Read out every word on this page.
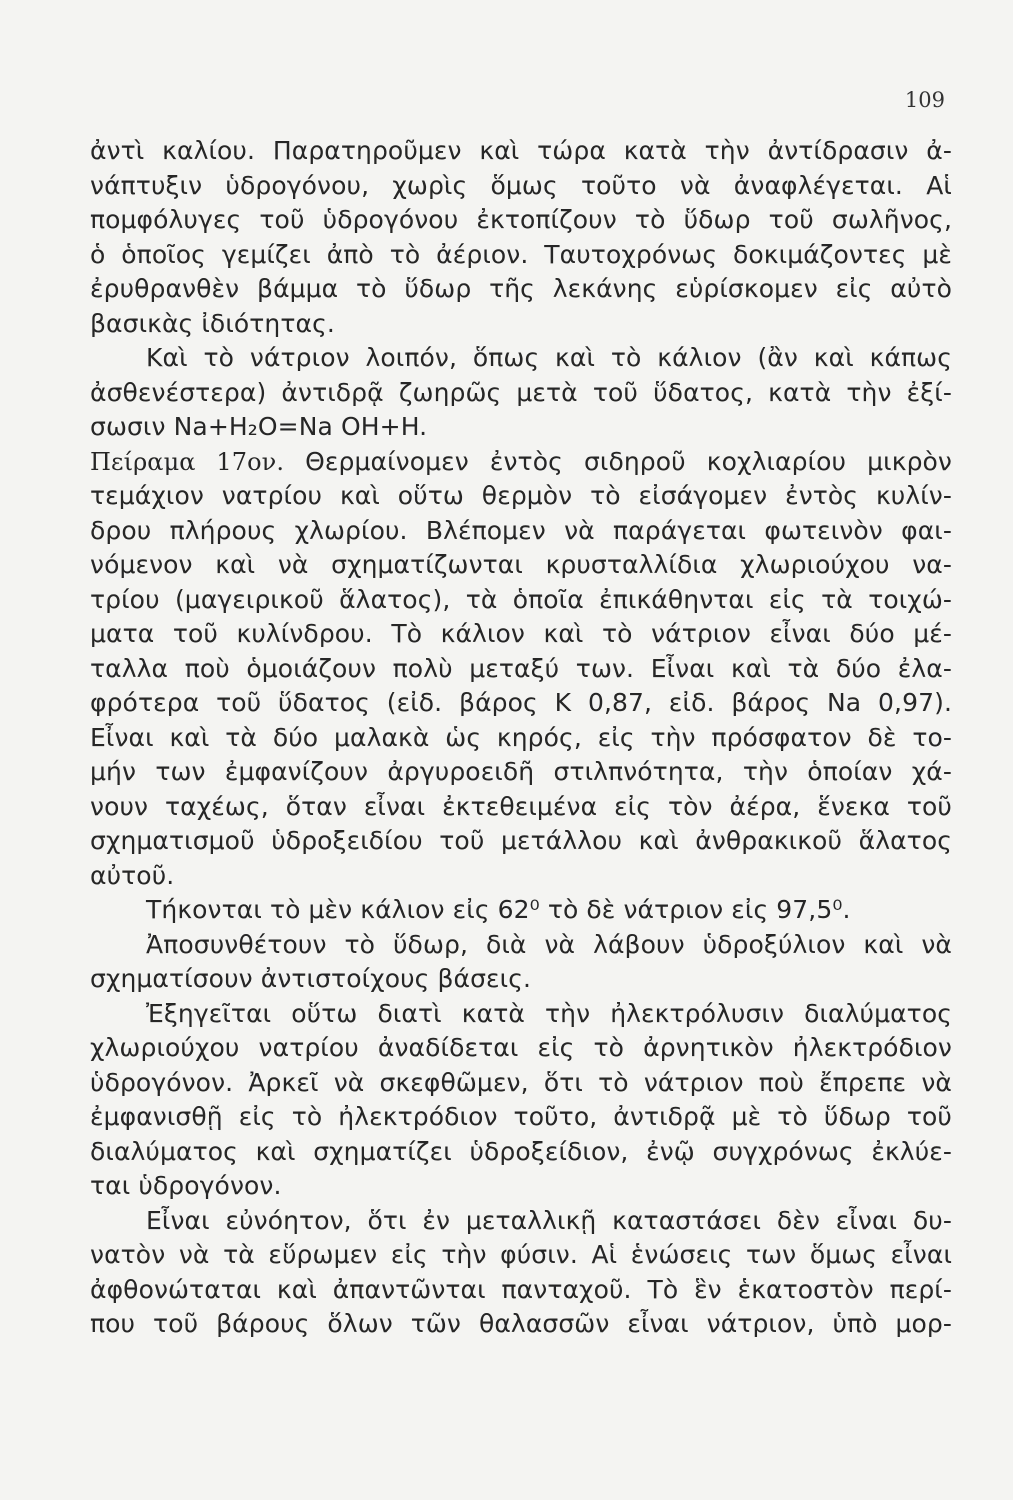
109
ἀντὶ καλίου. Παρατηροῦμεν καὶ τώρα κατὰ τὴν ἀντίδρασιν ἀ-
νάπτυξιν ὑδρογόνου, χωρὶς ὅμως τοῦτο νὰ ἀναφλέγεται. Αἱ
πομφόλυγες τοῦ ὑδρογόνου ἐκτοπίζουν τὸ ὕδωρ τοῦ σωλῆνος,
ὁ ὁποῖος γεμίζει ἀπὸ τὸ ἀέριον. Ταυτοχρόνως δοκιμάζοντες μὲ
ἐρυθρανθὲν βάμμα τὸ ὕδωρ τῆς λεκάνης εὑρίσκομεν εἰς αὐτὸ
βασικὰς ἰδιότητας.
Καὶ τὸ νάτριον λοιπόν, ὅπως καὶ τὸ κάλιον (ἂν καὶ κάπως
ἀσθενέστερα) ἀντιδρᾷ ζωηρῶς μετὰ τοῦ ὕδατος, κατὰ τὴν ἐξί-
σωσιν Na+H₂O=Na OH+H.
Πείραμα 17ον. Θερμαίνομεν ἐντὸς σιδηροῦ κοχλιαρίου μικρὸν
τεμάχιον νατρίου καὶ οὕτω θερμὸν τὸ εἰσάγομεν ἐντὸς κυλίν-
δρου πλήρους χλωρίου. Βλέπομεν νὰ παράγεται φωτεινὸν φαι-
νόμενον καὶ νὰ σχηματίζωνται κρυσταλλίδια χλωριούχου να-
τρίου (μαγειρικοῦ ἅλατος), τὰ ὁποῖα ἐπικάθηνται εἰς τὰ τοιχώ-
ματα τοῦ κυλίνδρου. Τὸ κάλιον καὶ τὸ νάτριον εἶναι δύο μέ-
ταλλα ποὺ ὁμοιάζουν πολὺ μεταξύ των. Εἶναι καὶ τὰ δύο ἐλα-
φρότερα τοῦ ὕδατος (εἰδ. βάρος K 0,87, εἰδ. βάρος Na 0,97).
Εἶναι καὶ τὰ δύο μαλακὰ ὡς κηρός, εἰς τὴν πρόσφατον δὲ το-
μήν των ἐμφανίζουν ἀργυροειδῆ στιλπνότητα, τὴν ὁποίαν χά-
νουν ταχέως, ὅταν εἶναι ἐκτεθειμένα εἰς τὸν ἀέρα, ἕνεκα τοῦ
σχηματισμοῦ ὑδροξειδίου τοῦ μετάλλου καὶ ἀνθρακικοῦ ἅλατος
αὐτοῦ.
Τήκονται τὸ μὲν κάλιον εἰς 62⁰ τὸ δὲ νάτριον εἰς 97,5⁰.
Ἀποσυνθέτουν τὸ ὕδωρ, διὰ νὰ λάβουν ὑδροξύλιον καὶ νὰ
σχηματίσουν ἀντιστοίχους βάσεις.
Ἐξηγεῖται οὕτω διατὶ κατὰ τὴν ἠλεκτρόλυσιν διαλύματος
χλωριούχου νατρίου ἀναδίδεται εἰς τὸ ἀρνητικὸν ἠλεκτρόδιον
ὑδρογόνον. Ἀρκεῖ νὰ σκεφθῶμεν, ὅτι τὸ νάτριον ποὺ ἔπρεπε νὰ
ἐμφανισθῇ εἰς τὸ ἠλεκτρόδιον τοῦτο, ἀντιδρᾷ μὲ τὸ ὕδωρ τοῦ
διαλύματος καὶ σχηματίζει ὑδροξείδιον, ἐνῷ συγχρόνως ἐκλύε-
ται ὑδρογόνον.
Εἶναι εὐνόητον, ὅτι ἐν μεταλλικῇ καταστάσει δὲν εἶναι δυ-
νατὸν νὰ τὰ εὕρωμεν εἰς τὴν φύσιν. Αἱ ἑνώσεις των ὅμως εἶναι
ἀφθονώταται καὶ ἀπαντῶνται πανταχοῦ. Τὸ ἓν ἑκατοστὸν περί-
που τοῦ βάρους ὅλων τῶν θαλασσῶν εἶναι νάτριον, ὑπὸ μορ-
